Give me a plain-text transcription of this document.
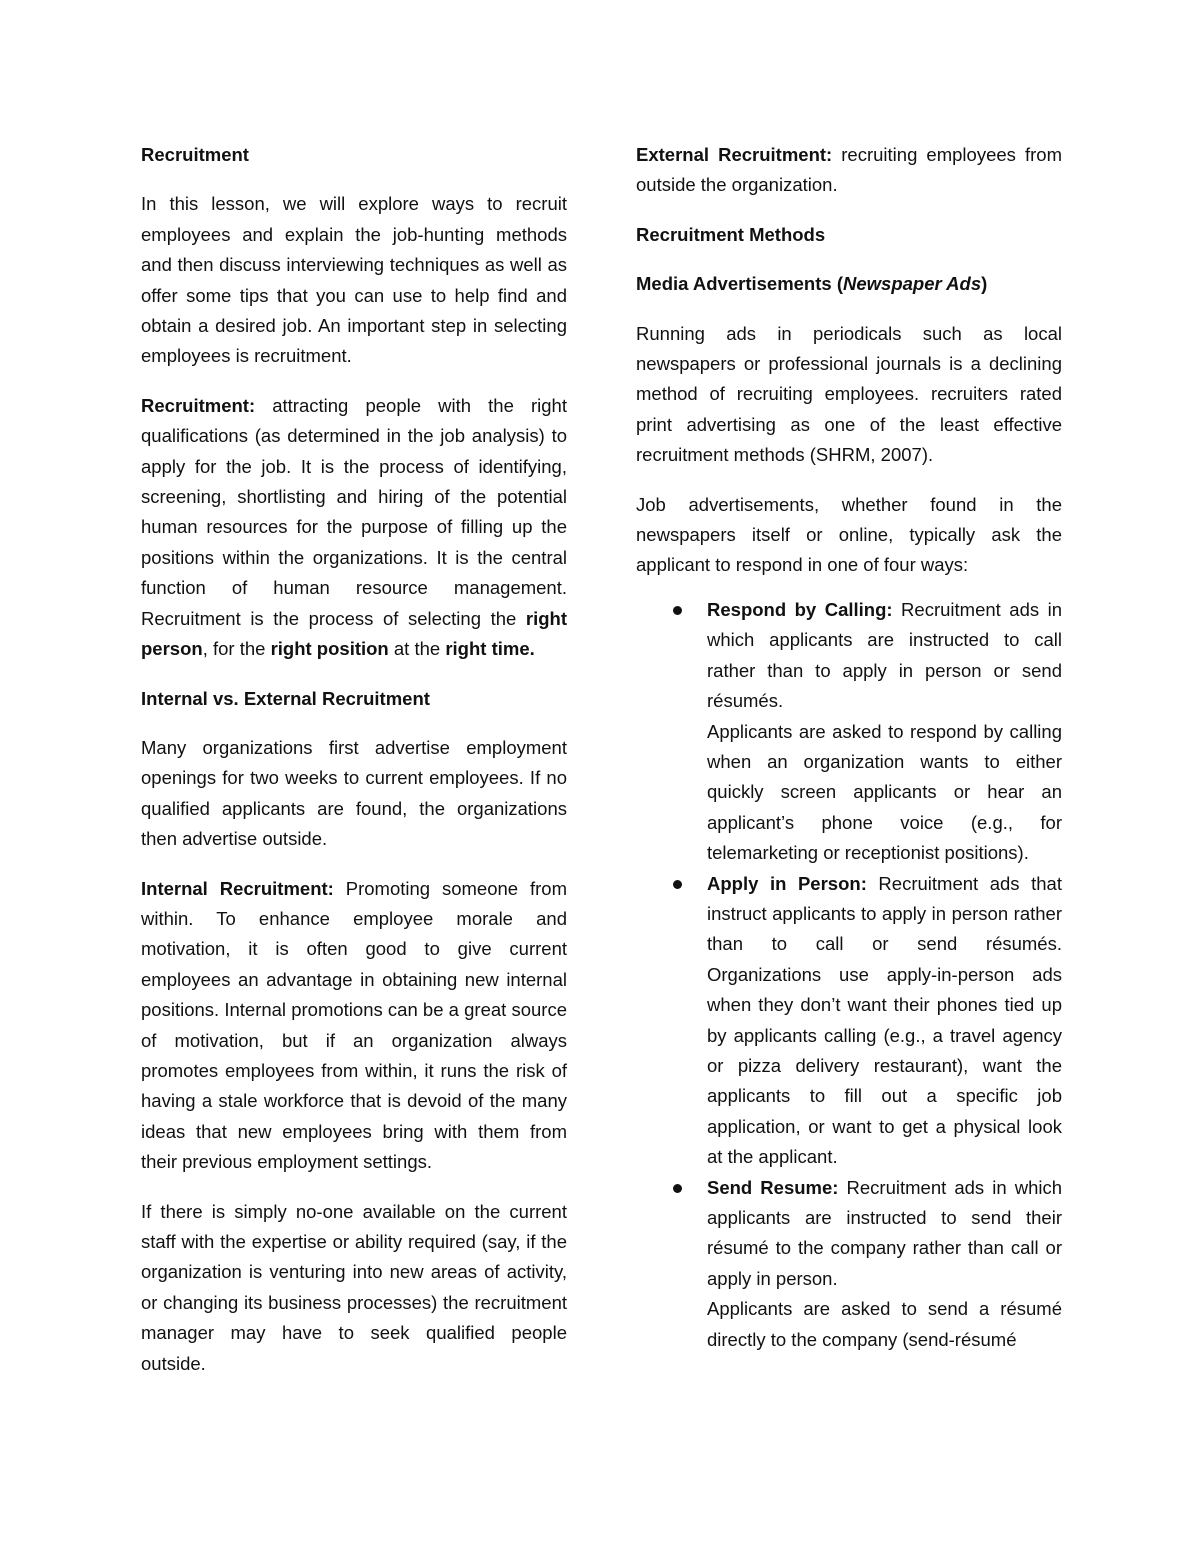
Recruitment

In this lesson, we will explore ways to recruit employees and explain the job-hunting methods and then discuss interviewing techniques as well as offer some tips that you can use to help find and obtain a desired job. An important step in selecting employees is recruitment.

Recruitment: attracting people with the right qualifications (as determined in the job analysis) to apply for the job. It is the process of identifying, screening, shortlisting and hiring of the potential human resources for the purpose of filling up the positions within the organizations. It is the central function of human resource management. Recruitment is the process of selecting the right person, for the right position at the right time.

Internal vs. External Recruitment

Many organizations first advertise employment openings for two weeks to current employees. If no qualified applicants are found, the organizations then advertise outside.

Internal Recruitment: Promoting someone from within. To enhance employee morale and motivation, it is often good to give current employees an advantage in obtaining new internal positions. Internal promotions can be a great source of motivation, but if an organization always promotes employees from within, it runs the risk of having a stale workforce that is devoid of the many ideas that new employees bring with them from their previous employment settings.

If there is simply no-one available on the current staff with the expertise or ability required (say, if the organization is venturing into new areas of activity, or changing its business processes) the recruitment manager may have to seek qualified people outside.

External Recruitment: recruiting employees from outside the organization.

Recruitment Methods
Media Advertisements (Newspaper Ads)

Running ads in periodicals such as local newspapers or professional journals is a declining method of recruiting employees. recruiters rated print advertising as one of the least effective recruitment methods (SHRM, 2007).

Job advertisements, whether found in the newspapers itself or online, typically ask the applicant to respond in one of four ways:

Respond by Calling: Recruitment ads in which applicants are instructed to call rather than to apply in person or send résumés.

Applicants are asked to respond by calling when an organization wants to either quickly screen applicants or hear an applicant’s phone voice (e.g., for telemarketing or receptionist positions).

Apply in Person: Recruitment ads that instruct applicants to apply in person rather than to call or send résumés. Organizations use apply-in-person ads when they don’t want their phones tied up by applicants calling (e.g., a travel agency or pizza delivery restaurant), want the applicants to fill out a specific job application, or want to get a physical look at the applicant.

Send Resume: Recruitment ads in which applicants are instructed to send their résumé to the company rather than call or apply in person.

Applicants are asked to send a résumé directly to the company (send-résumé
